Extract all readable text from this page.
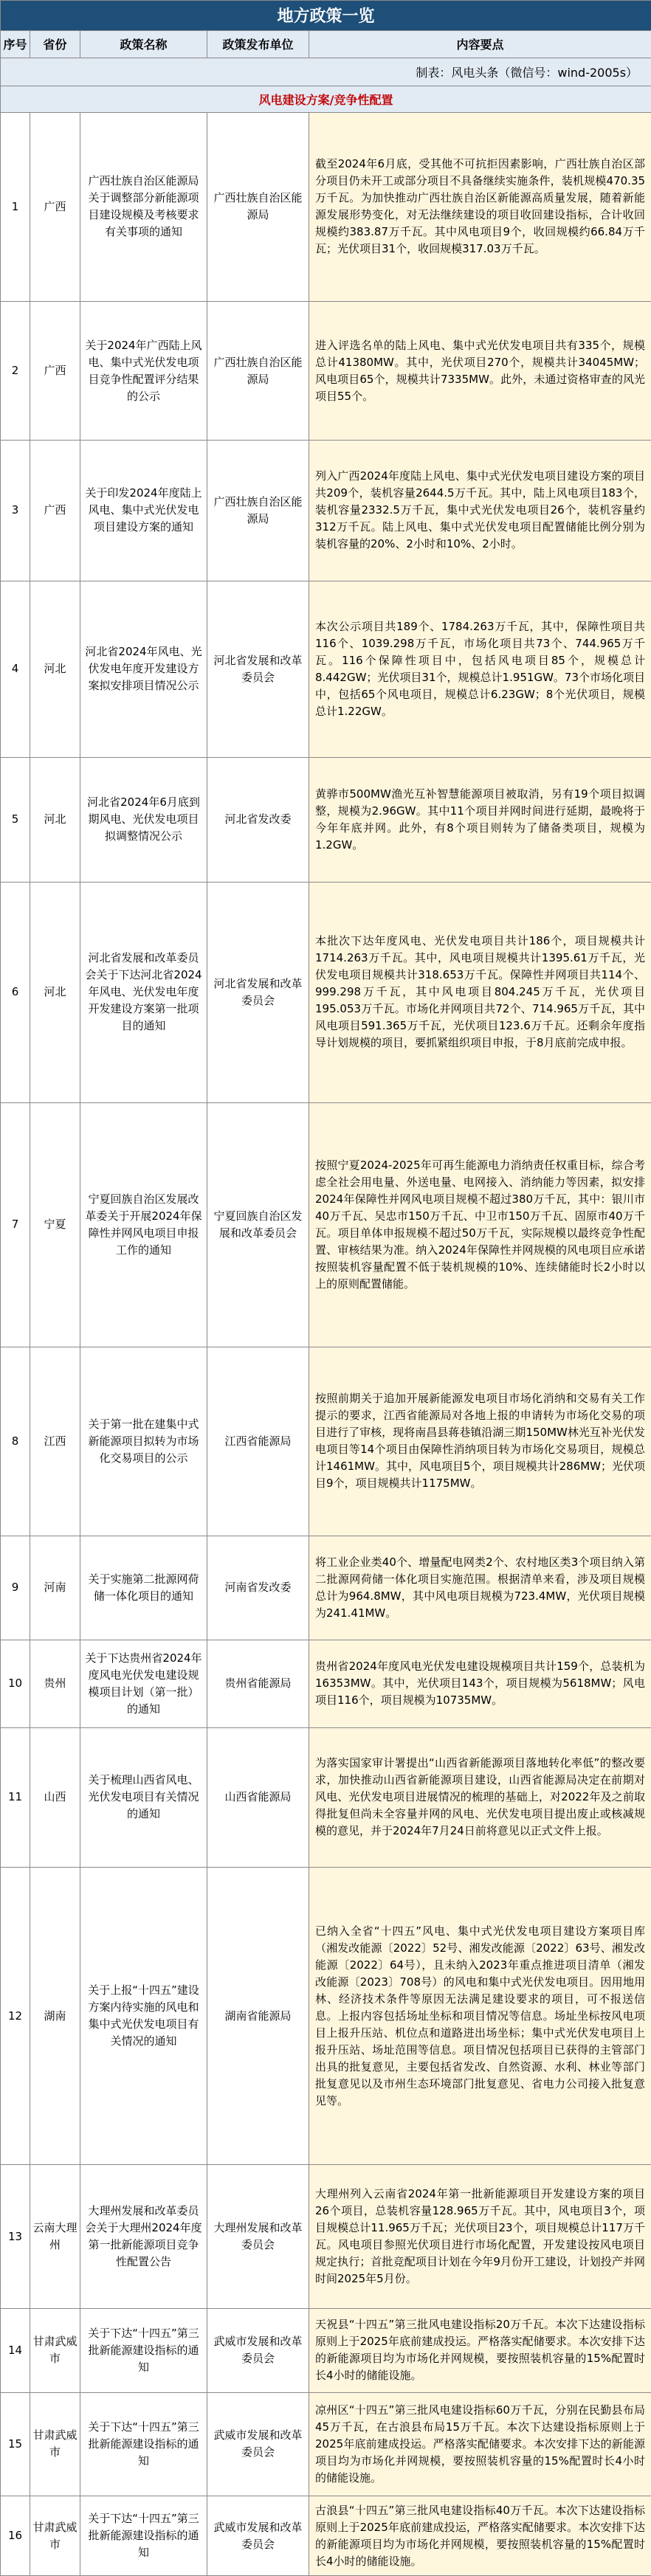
地方政策一览				
序号	省份	政策名称	政策发布单位	内容要点
制表：风电头条（微信号：wind-2005s）				
风电建设方案/竞争性配置				

1	广西	广西壮族自治区能源局关于调整部分新能源项目建设规模及考核要求有关事项的通知	广西壮族自治区能源局	截至2024年6月底，受其他不可抗拒因素影响，广西壮族自治区部分项目仍未开工或部分项目不具备继续实施条件，装机规模470.35万千瓦。为加快推动广西壮族自治区新能源高质量发展，随着新能源发展形势变化，对无法继续建设的项目收回建设指标，合计收回规模约383.87万千瓦。其中风电项目9个，收回规模约66.84万千瓦；光伏项目31个，收回规模317.03万千瓦。

2	广西	关于2024年广西陆上风电、集中式光伏发电项目竞争性配置评分结果的公示	广西壮族自治区能源局	进入评选名单的陆上风电、集中式光伏发电项目共有335个，规模总计41380MW。其中，光伏项目270个，规模共计34045MW；风电项目65个，规模共计7335MW。此外，未通过资格审查的风光项目55个。

3	广西	关于印发2024年度陆上风电、集中式光伏发电项目建设方案的通知	广西壮族自治区能源局	列入广西2024年度陆上风电、集中式光伏发电项目建设方案的项目共209个，装机容量2644.5万千瓦。其中，陆上风电项目183个，装机容量2332.5万千瓦，集中式光伏发电项目26个，装机容量约312万千瓦。陆上风电、集中式光伏发电项目配置储能比例分别为装机容量的20%、2小时和10%、2小时。

4	河北	河北省2024年风电、光伏发电年度开发建设方案拟安排项目情况公示	河北省发展和改革委员会	本次公示项目共189个、1784.263万千瓦，其中，保障性项目共116个、1039.298万千瓦，市场化项目共73个、744.965万千瓦。116个保障性项目中，包括风电项目85个，规模总计8.442GW；光伏项目31个，规模总计1.951GW。73个市场化项目中，包括65个风电项目，规模总计6.23GW；8个光伏项目，规模总计1.22GW。

5	河北	河北省2024年6月底到期风电、光伏发电项目拟调整情况公示	河北省发改委	黄骅市500MW渔光互补智慧能源项目被取消，另有19个项目拟调整，规模为2.96GW。其中11个项目并网时间进行延期，最晚将于今年年底并网。此外，有8个项目则转为了储备类项目，规模为1.2GW。

6	河北	河北省发展和改革委员会关于下达河北省2024年风电、光伏发电年度开发建设方案第一批项目的通知	河北省发展和改革委员会	本批次下达年度风电、光伏发电项目共计186个，项目规模共计1714.263万千瓦。其中，风电项目规模共计1395.61万千瓦，光伏发电项目规模共计318.653万千瓦。保障性并网项目共114个、999.298万千瓦，其中风电项目804.245万千瓦，光伏项目195.053万千瓦。市场化并网项目共72个、714.965万千瓦，其中风电项目591.365万千瓦，光伏项目123.6万千瓦。还剩余年度指导计划规模的项目，要抓紧组织项目申报，于8月底前完成申报。

7	宁夏	宁夏回族自治区发展改革委关于开展2024年保障性并网风电项目申报工作的通知	宁夏回族自治区发展和改革委员会	按照宁夏2024-2025年可再生能源电力消纳责任权重目标，综合考虑全社会用电量、外送电量、电网接入、消纳能力等因素，拟安排2024年保障性并网风电项目规模不超过380万千瓦，其中：银川市40万千瓦、吴忠市150万千瓦、中卫市150万千瓦、固原市40万千瓦。项目单体申报规模不超过50万千瓦，实际规模以最终竞争性配置、审核结果为准。纳入2024年保障性并网规模的风电项目应承诺按照装机容量配置不低于装机规模的10%、连续储能时长2小时以上的原则配置储能。

8	江西	关于第一批在建集中式新能源项目拟转为市场化交易项目的公示	江西省能源局	按照前期关于追加开展新能源发电项目市场化消纳和交易有关工作提示的要求，江西省能源局对各地上报的申请转为市场化交易的项目进行了审核，现将南昌县蒋巷镇沿湖三期150MW林光互补光伏发电项目等14个项目由保障性消纳项目转为市场化交易项目，规模总计1461MW。其中，风电项目5个，项目规模共计286MW；光伏项目9个，项目规模共计1175MW。

9	河南	关于实施第二批源网荷储一体化项目的通知	河南省发改委	将工业企业类40个、增量配电网类2个、农村地区类3个项目纳入第二批源网荷储一体化项目实施范围。根据清单来看，涉及项目规模总计为964.8MW，其中风电项目规模为723.4MW，光伏项目规模为241.41MW。

10	贵州	关于下达贵州省2024年度风电光伏发电建设规模项目计划（第一批）的通知	贵州省能源局	贵州省2024年度风电光伏发电建设规模项目共计159个，总装机为16353MW。其中，光伏项目143个，项目规模为5618MW；风电项目116个，项目规模为10735MW。

11	山西	关于梳理山西省风电、光伏发电项目有关情况的通知	山西省能源局	为落实国家审计署提出“山西省新能源项目落地转化率低”的整改要求，加快推动山西省新能源项目建设，山西省能源局决定在前期对风电、光伏发电项目进展情况的梳理的基础上，对2022年及之前取得批复但尚未全容量并网的风电、光伏发电项目提出废止或核减规模的意见，并于2024年7月24日前将意见以正式文件上报。

12	湖南	关于上报“十四五”建设方案内待实施的风电和集中式光伏发电项目有关情况的通知	湖南省能源局	已纳入全省“十四五”风电、集中式光伏发电项目建设方案项目库（湘发改能源〔2022〕52号、湘发改能源〔2022〕63号、湘发改能源〔2022〕64号），且未纳入2023年重点推进项目清单（湘发改能源〔2023〕708号）的风电和集中式光伏发电项目。因用地用林、经济技术条件等原因无法满足建设要求的项目，可不报送信息。上报内容包括场址坐标和项目情况等信息。场址坐标按风电项目上报升压站、机位点和道路进出场坐标；集中式光伏发电项目上报升压站、场址范围等信息。项目情况包括项目已获得的主管部门出具的批复意见，主要包括省发改、自然资源、水利、林业等部门批复意见以及市州生态环境部门批复意见、省电力公司接入批复意见等。

13	云南大理州	大理州发展和改革委员会关于大理州2024年度第一批新能源项目竞争性配置公告	大理州发展和改革委员会	大理州列入云南省2024年第一批新能源项目开发建设方案的项目26个项目，总装机容量128.965万千瓦。其中，风电项目3个，项目规模总计11.965万千瓦；光伏项目23个，项目规模总计117万千瓦。风电项目参照光伏项目进行市场化配置，开发建设按风电项目规定执行；首批竞配项目计划在今年9月份开工建设，计划投产并网时间2025年5月份。

14	甘肃武威市	关于下达“十四五”第三批新能源建设指标的通知	武威市发展和改革委员会	天祝县“十四五”第三批风电建设指标20万千瓦。本次下达建设指标原则上于2025年底前建成投运。严格落实配储要求。本次安排下达的新能源项目均为市场化并网规模，要按照装机容量的15%配置时长4小时的储能设施。

15	甘肃武威市	关于下达“十四五”第三批新能源建设指标的通知	武威市发展和改革委员会	凉州区“十四五”第三批风电建设指标60万千瓦，分别在民勤县布局45万千瓦，在古浪县布局15万千瓦。本次下达建设指标原则上于2025年底前建成投运。严格落实配储要求。本次安排下达的新能源项目均为市场化并网规模，要按照装机容量的15%配置时长4小时的储能设施。

16	甘肃武威市	关于下达“十四五”第三批新能源建设指标的通知	武威市发展和改革委员会	古浪县“十四五”第三批风电建设指标40万千瓦。本次下达建设指标原则上于2025年底前建成投运，严格落实配储要求。本次安排下达的新能源项目均为市场化并网规模，要按照装机容量的15%配置时长4小时的储能设施。
